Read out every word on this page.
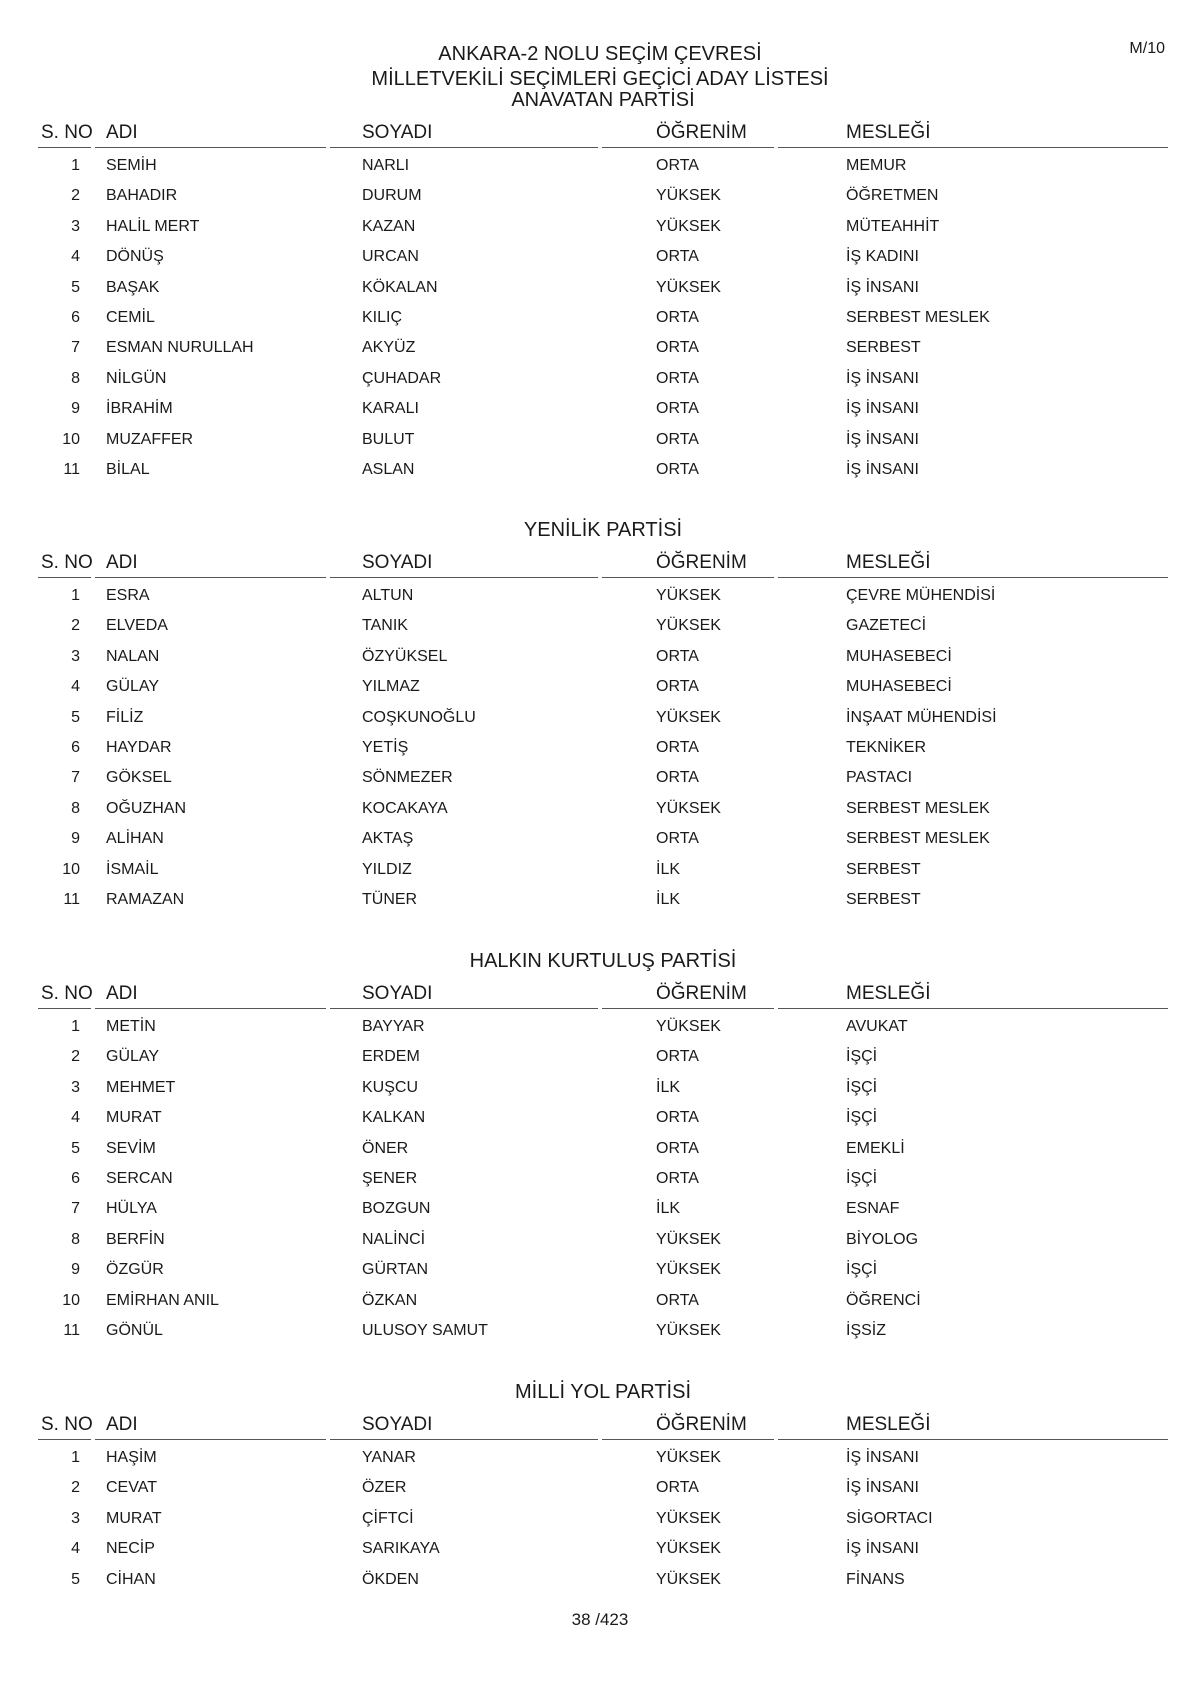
M/10
ANKARA-2 NOLU SEÇİM ÇEVRESİ
MİLLETVEKİLİ SEÇİMLERİ GEÇİCİ ADAY LİSTESİ
ANAVATAN PARTİSİ
S. NO ADI	SOYADI	ÖĞRENİM	MESLEĞİ
1 SEMİH	NARLI	ORTA	MEMUR
2 BAHADIR	DURUM	YÜKSEK	ÖĞRETMEN
3 HALİL MERT	KAZAN	YÜKSEK	MÜTEAHHİT
4 DÖNÜŞ	URCAN	ORTA	İŞ KADINI
5 BAŞAK	KÖKALAN	YÜKSEK	İŞ İNSANI
6 CEMİL	KILIÇ	ORTA	SERBEST MESLEK
7 ESMAN NURULLAH	AKYÜZ	ORTA	SERBEST
8 NİLGÜN	ÇUHADAR	ORTA	İŞ İNSANI
9 İBRAHİM	KARALI	ORTA	İŞ İNSANI
10 MUZAFFER	BULUT	ORTA	İŞ İNSANI
11 BİLAL	ASLAN	ORTA	İŞ İNSANI
YENİLİK PARTİSİ
S. NO ADI	SOYADI	ÖĞRENİM	MESLEĞİ
1 ESRA	ALTUN	YÜKSEK	ÇEVRE MÜHENDİSİ
2 ELVEDA	TANIK	YÜKSEK	GAZETECİ
3 NALAN	ÖZYÜKSEL	ORTA	MUHASEBECİ
4 GÜLAY	YILMAZ	ORTA	MUHASEBECİ
5 FİLİZ	COŞKUNOĞLU	YÜKSEK	İNŞAAT MÜHENDİSİ
6 HAYDAR	YETİŞ	ORTA	TEKNİKER
7 GÖKSEL	SÖNMEZER	ORTA	PASTACI
8 OĞUZHAN	KOCAKAYA	YÜKSEK	SERBEST MESLEK
9 ALİHAN	AKTAŞ	ORTA	SERBEST MESLEK
10 İSMAİL	YILDIZ	İLK	SERBEST
11 RAMAZAN	TÜNER	İLK	SERBEST
HALKIN KURTULUŞ PARTİSİ
S. NO ADI	SOYADI	ÖĞRENİM	MESLEĞİ
1 METİN	BAYYAR	YÜKSEK	AVUKAT
2 GÜLAY	ERDEM	ORTA	İŞÇİ
3 MEHMET	KUŞCU	İLK	İŞÇİ
4 MURAT	KALKAN	ORTA	İŞÇİ
5 SEVİM	ÖNER	ORTA	EMEKLİ
6 SERCAN	ŞENER	ORTA	İŞÇİ
7 HÜLYA	BOZGUN	İLK	ESNAF
8 BERFİN	NALİNCİ	YÜKSEK	BİYOLOG
9 ÖZGÜR	GÜRTAN	YÜKSEK	İŞÇİ
10 EMİRHAN ANIL	ÖZKAN	ORTA	ÖĞRENCİ
11 GÖNÜL	ULUSOY SAMUT	YÜKSEK	İŞSİZ
MİLLİ YOL PARTİSİ
S. NO ADI	SOYADI	ÖĞRENİM	MESLEĞİ
1 HAŞİM	YANAR	YÜKSEK	İŞ İNSANI
2 CEVAT	ÖZER	ORTA	İŞ İNSANI
3 MURAT	ÇİFTCİ	YÜKSEK	SİGORTACI
4 NECİP	SARIKAYA	YÜKSEK	İŞ İNSANI
5 CİHAN	ÖKDEN	YÜKSEK	FİNANS
38 /423
